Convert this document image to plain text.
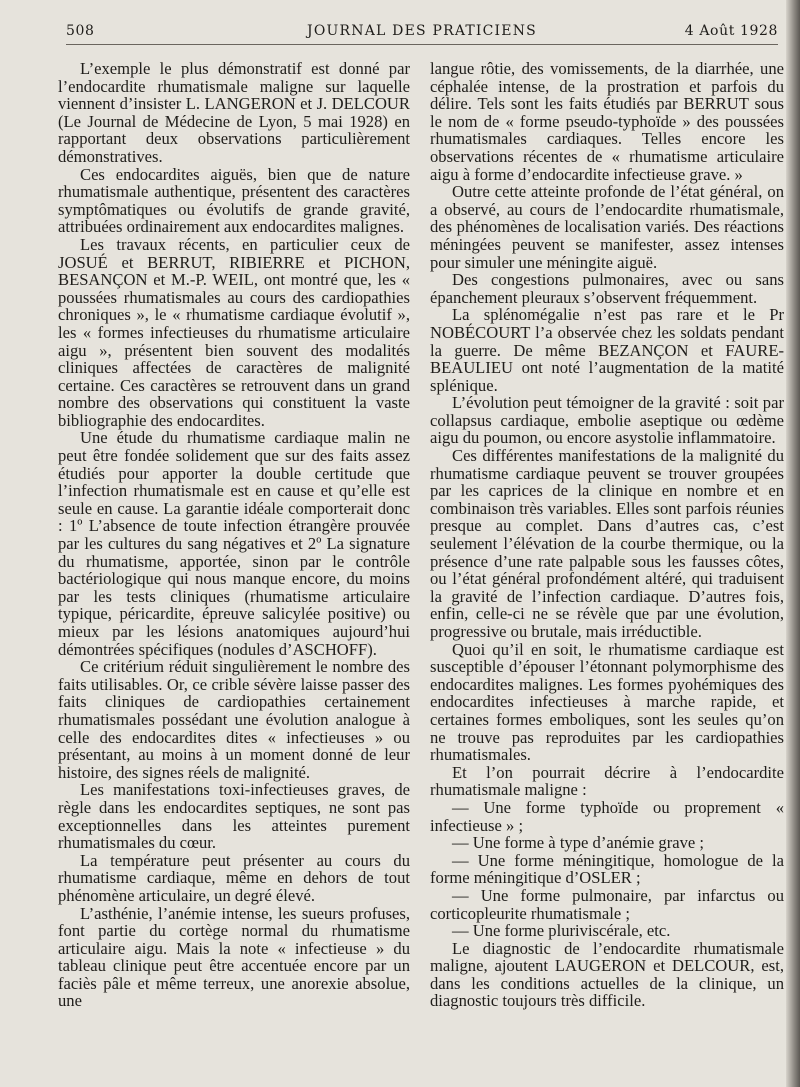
508	JOURNAL DES PRATICIENS	4 Août 1928

L’exemple le plus démonstratif est donné par l’endocardite rhumatismale maligne sur laquelle viennent d’insister L. LANGERON et J. DELCOUR (Le Journal de Médecine de Lyon, 5 mai 1928) en rapportant deux observations particulièrement démonstratives.

Ces endocardites aiguës, bien que de nature rhumatismale authentique, présentent des caractères symptômatiques ou évolutifs de grande gravité, attribuées ordinairement aux endocardites malignes.

Les travaux récents, en particulier ceux de JOSUÉ et BERRUT, RIBIERRE et PICHON, BESANÇON et M.-P. WEIL, ont montré que, les « poussées rhumatismales au cours des cardiopathies chroniques », le « rhumatisme cardiaque évolutif », les « formes infectieuses du rhumatisme articulaire aigu », présentent bien souvent des modalités cliniques affectées de caractères de malignité certaine. Ces caractères se retrouvent dans un grand nombre des observations qui constituent la vaste bibliographie des endocardites.

Une étude du rhumatisme cardiaque malin ne peut être fondée solidement que sur des faits assez étudiés pour apporter la double certitude que l’infection rhumatismale est en cause et qu’elle est seule en cause. La garantie idéale comporterait donc : 1º L’absence de toute infection étrangère prouvée par les cultures du sang négatives et 2º La signature du rhumatisme, apportée, sinon par le contrôle bactériologique qui nous manque encore, du moins par les tests cliniques (rhumatisme articulaire typique, péricardite, épreuve salicylée positive) ou mieux par les lésions anatomiques aujourd’hui démontrées spécifiques (nodules d’ASCHOFF).

Ce critérium réduit singulièrement le nombre des faits utilisables. Or, ce crible sévère laisse passer des faits cliniques de cardiopathies certainement rhumatismales possédant une évolution analogue à celle des endocardites dites « infectieuses » ou présentant, au moins à un moment donné de leur histoire, des signes réels de malignité.

Les manifestations toxi-infectieuses graves, de règle dans les endocardites septiques, ne sont pas exceptionnelles dans les atteintes purement rhumatismales du cœur.

La température peut présenter au cours du rhumatisme cardiaque, même en dehors de tout phénomène articulaire, un degré élevé.

L’asthénie, l’anémie intense, les sueurs profuses, font partie du cortège normal du rhumatisme articulaire aigu. Mais la note « infectieuse » du tableau clinique peut être accentuée encore par un faciès pâle et même terreux, une anorexie absolue, une

langue rôtie, des vomissements, de la diarrhée, une céphalée intense, de la prostration et parfois du délire. Tels sont les faits étudiés par BERRUT sous le nom de « forme pseudo-typhoïde » des poussées rhumatismales cardiaques. Telles encore les observations récentes de « rhumatisme articulaire aigu à forme d’endocardite infectieuse grave. »

Outre cette atteinte profonde de l’état général, on a observé, au cours de l’endocardite rhumatismale, des phénomènes de localisation variés. Des réactions méningées peuvent se manifester, assez intenses pour simuler une méningite aiguë.

Des congestions pulmonaires, avec ou sans épanchement pleuraux s’observent fréquemment.

La splénomégalie n’est pas rare et le Pr NOBÉCOURT l’a observée chez les soldats pendant la guerre. De même BEZANÇON et FAURE-BEAULIEU ont noté l’augmentation de la matité splénique.

L’évolution peut témoigner de la gravité : soit par collapsus cardiaque, embolie aseptique ou œdème aigu du poumon, ou encore asystolie inflammatoire.

Ces différentes manifestations de la malignité du rhumatisme cardiaque peuvent se trouver groupées par les caprices de la clinique en nombre et en combinaison très variables. Elles sont parfois réunies presque au complet. Dans d’autres cas, c’est seulement l’élévation de la courbe thermique, ou la présence d’une rate palpable sous les fausses côtes, ou l’état général profondément altéré, qui traduisent la gravité de l’infection cardiaque. D’autres fois, enfin, celle-ci ne se révèle que par une évolution, progressive ou brutale, mais irréductible.

Quoi qu’il en soit, le rhumatisme cardiaque est susceptible d’épouser l’étonnant polymorphisme des endocardites malignes. Les formes pyohémiques des endocardites infectieuses à marche rapide, et certaines formes emboliques, sont les seules qu’on ne trouve pas reproduites par les cardiopathies rhumatismales.

Et l’on pourrait décrire à l’endocardite rhumatismale maligne :

— Une forme typhoïde ou proprement « infectieuse » ;

— Une forme à type d’anémie grave ;

— Une forme méningitique, homologue de la forme méningitique d’OSLER ;

— Une forme pulmonaire, par infarctus ou corticopleurite rhumatismale ;

— Une forme pluriviscérale, etc.

Le diagnostic de l’endocardite rhumatismale maligne, ajoutent LAUGERON et DELCOUR, est, dans les conditions actuelles de la clinique, un diagnostic toujours très difficile.
